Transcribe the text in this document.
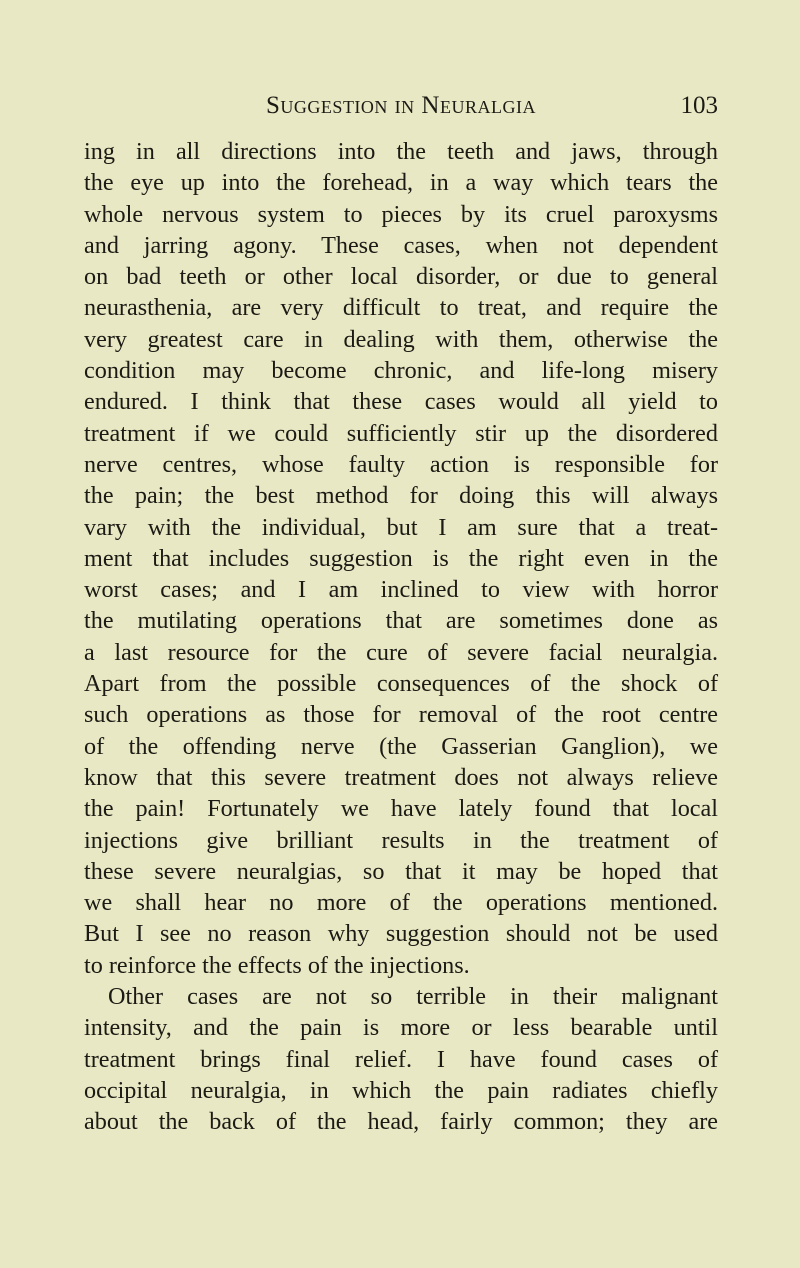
Suggestion in Neuralgia	103
ing in all directions into the teeth and jaws, through
the eye up into the forehead, in a way which tears the
whole nervous system to pieces by its cruel paroxysms
and jarring agony. These cases, when not dependent
on bad teeth or other local disorder, or due to general
neurasthenia, are very difficult to treat, and require the
very greatest care in dealing with them, otherwise the
condition may become chronic, and life-long misery
endured. I think that these cases would all yield to
treatment if we could sufficiently stir up the disordered
nerve centres, whose faulty action is responsible for
the pain; the best method for doing this will always
vary with the individual, but I am sure that a treat-
ment that includes suggestion is the right even in the
worst cases; and I am inclined to view with horror
the mutilating operations that are sometimes done as
a last resource for the cure of severe facial neuralgia.
Apart from the possible consequences of the shock of
such operations as those for removal of the root centre
of the offending nerve (the Gasserian Ganglion), we
know that this severe treatment does not always relieve
the pain! Fortunately we have lately found that local
injections give brilliant results in the treatment of
these severe neuralgias, so that it may be hoped that
we shall hear no more of the operations mentioned.
But I see no reason why suggestion should not be used
to reinforce the effects of the injections.
Other cases are not so terrible in their malignant
intensity, and the pain is more or less bearable until
treatment brings final relief. I have found cases of
occipital neuralgia, in which the pain radiates chiefly
about the back of the head, fairly common; they are
